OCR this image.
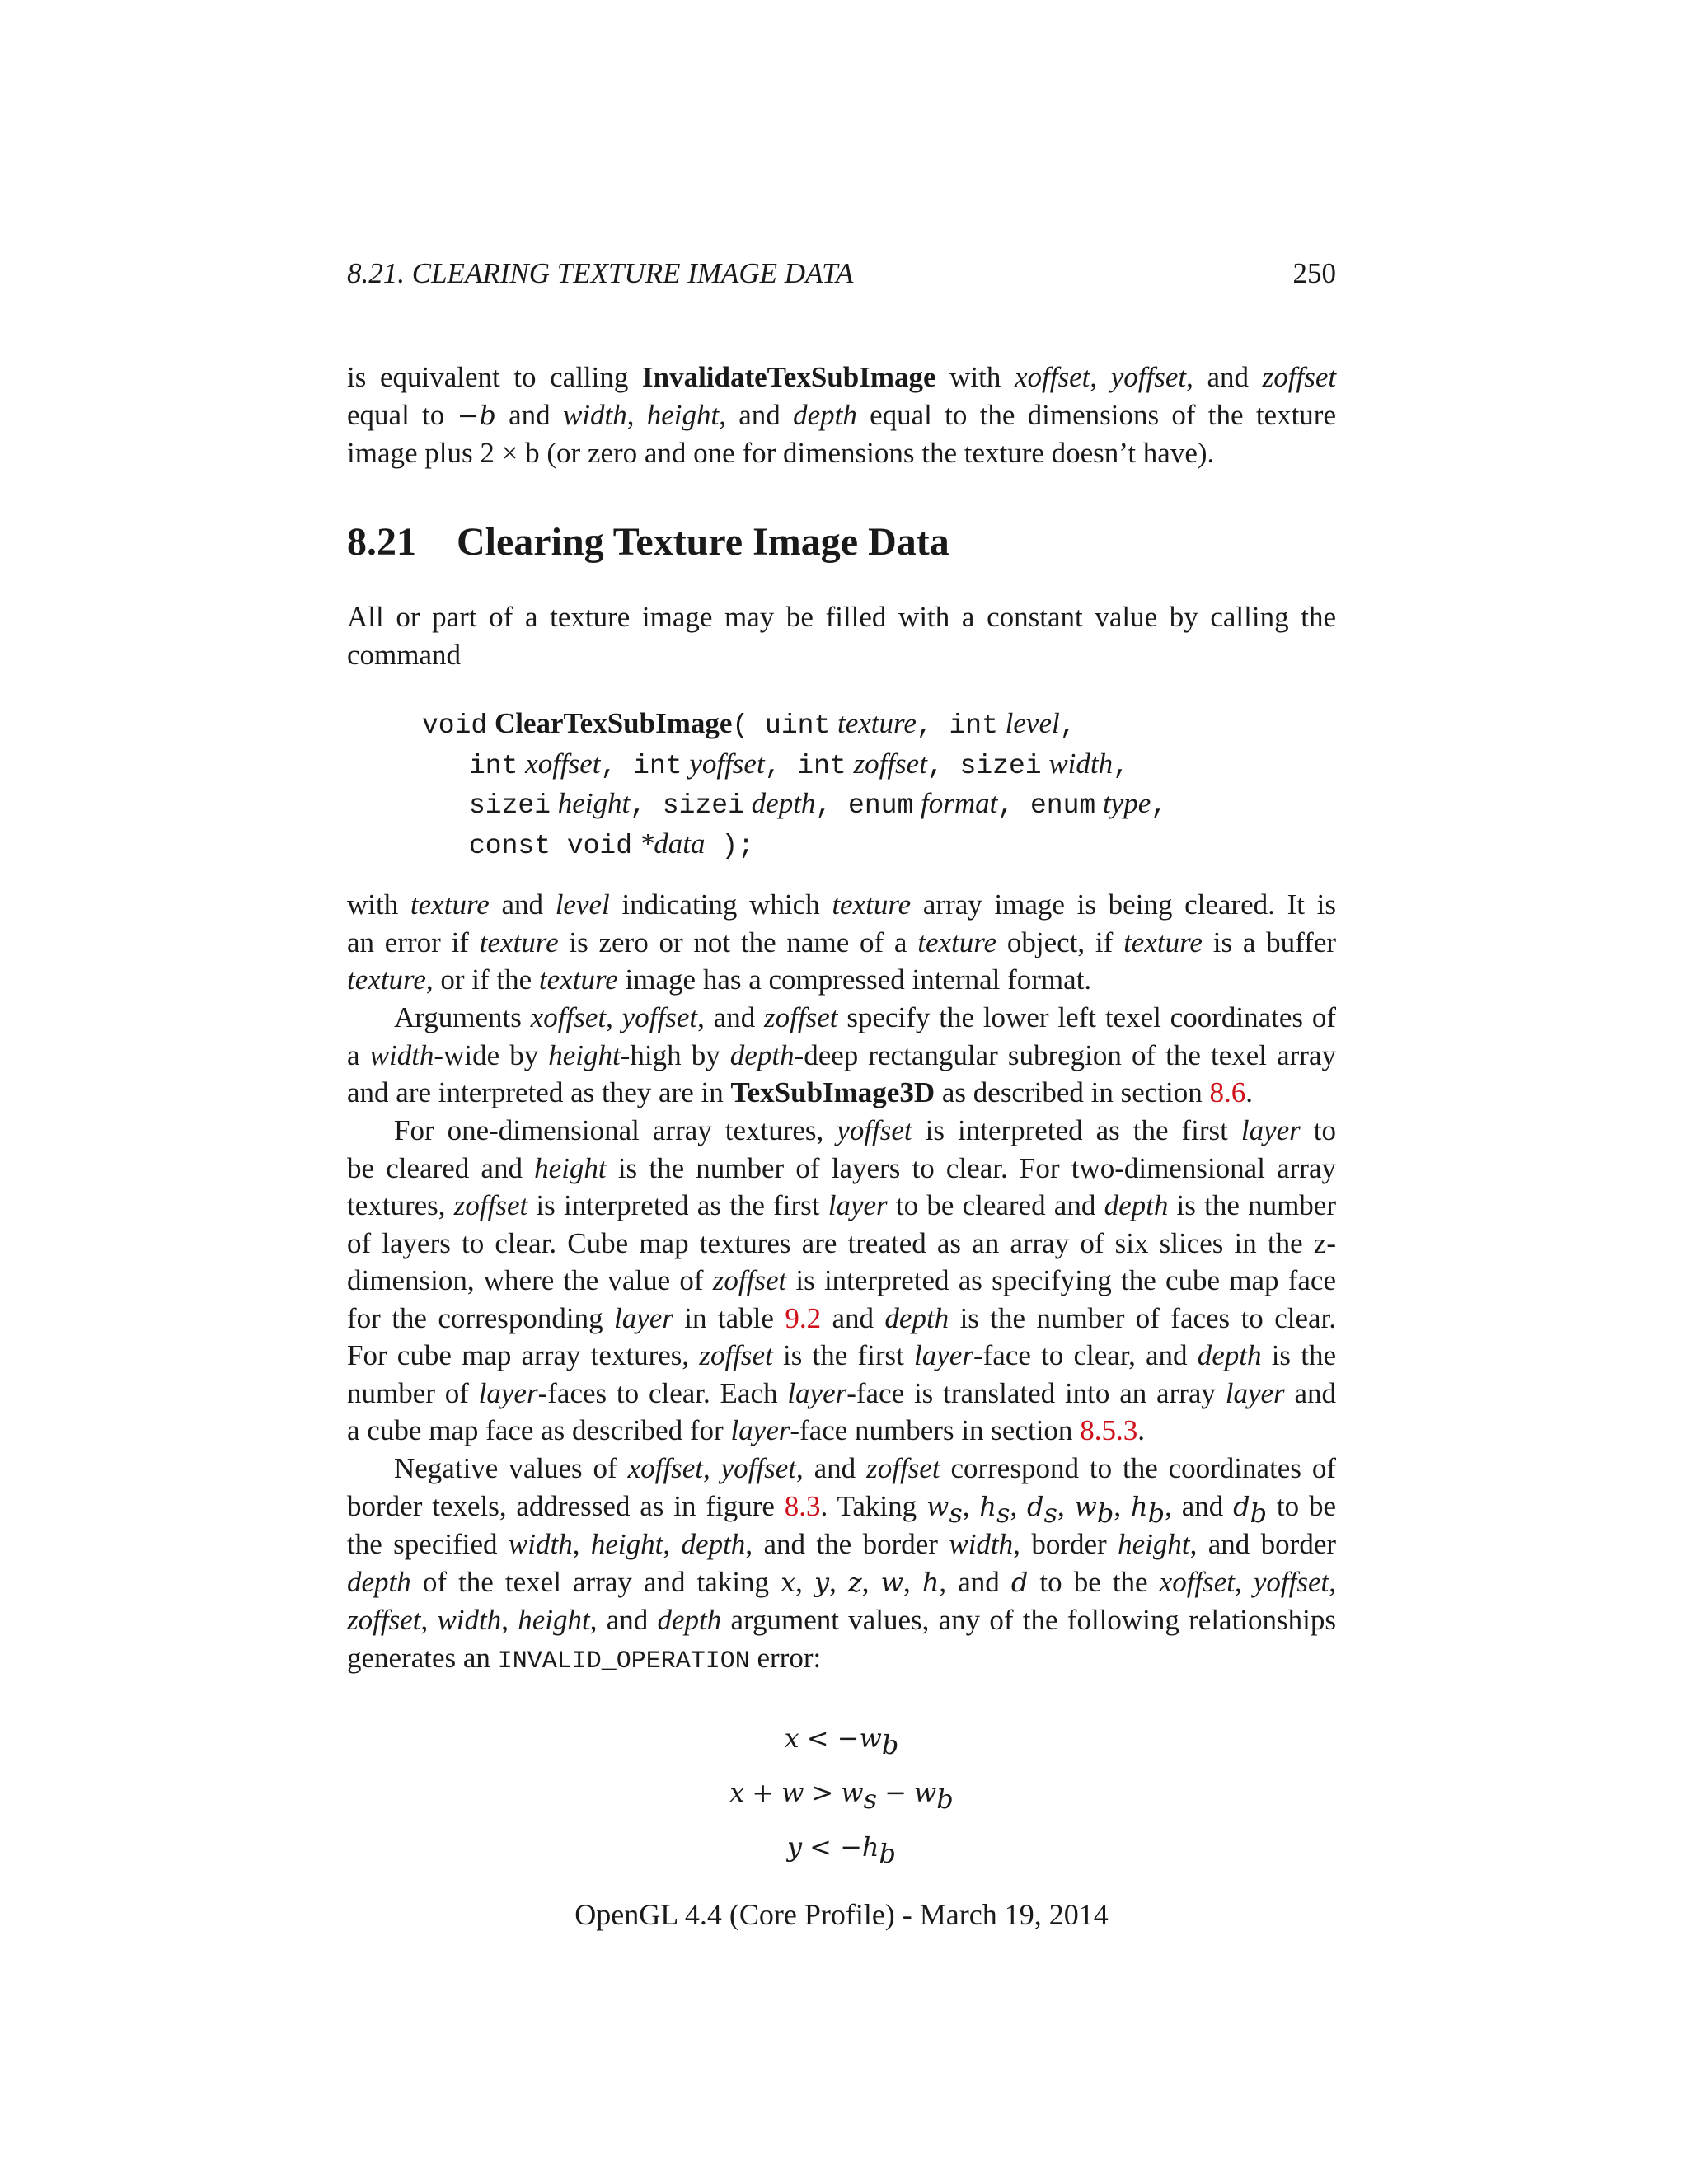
8.21. CLEARING TEXTURE IMAGE DATA	250
is equivalent to calling InvalidateTexSubImage with xoffset, yoffset, and zoffset
equal to −b and width, height, and depth equal to the dimensions of the texture
image plus 2 × b (or zero and one for dimensions the texture doesn’t have).
8.21 Clearing Texture Image Data
All or part of a texture image may be filled with a constant value by calling the
command
void ClearTexSubImage( uint texture, int level,
int xoffset, int yoffset, int zoffset, sizei width,
sizei height, sizei depth, enum format, enum type,
const void *data );
with texture and level indicating which texture array image is being cleared. It is
an error if texture is zero or not the name of a texture object, if texture is a buffer
texture, or if the texture image has a compressed internal format.
Arguments xoffset, yoffset, and zoffset specify the lower left texel coordinates of
a width-wide by height-high by depth-deep rectangular subregion of the texel array
and are interpreted as they are in TexSubImage3D as described in section 8.6.
For one-dimensional array textures, yoffset is interpreted as the first layer to
be cleared and height is the number of layers to clear. For two-dimensional array
textures, zoffset is interpreted as the first layer to be cleared and depth is the number
of layers to clear. Cube map textures are treated as an array of six slices in the z-
dimension, where the value of zoffset is interpreted as specifying the cube map face
for the corresponding layer in table 9.2 and depth is the number of faces to clear.
For cube map array textures, zoffset is the first layer-face to clear, and depth is the
number of layer-faces to clear. Each layer-face is translated into an array layer and
a cube map face as described for layer-face numbers in section 8.5.3.
Negative values of xoffset, yoffset, and zoffset correspond to the coordinates of
border texels, addressed as in figure 8.3. Taking $w_s$, $h_s$, $d_s$, $w_b$, $h_b$, and $d_b$ to be
the specified width, height, depth, and the border width, border height, and border
depth of the texel array and taking x, y, z, w, h, and d to be the xoffset, yoffset,
zoffset, width, height, and depth argument values, any of the following relationships
generates an INVALID_OPERATION error:
$x < -w_b$
$x + w > w_s - w_b$
$y < -h_b$
OpenGL 4.4 (Core Profile) - March 19, 2014
